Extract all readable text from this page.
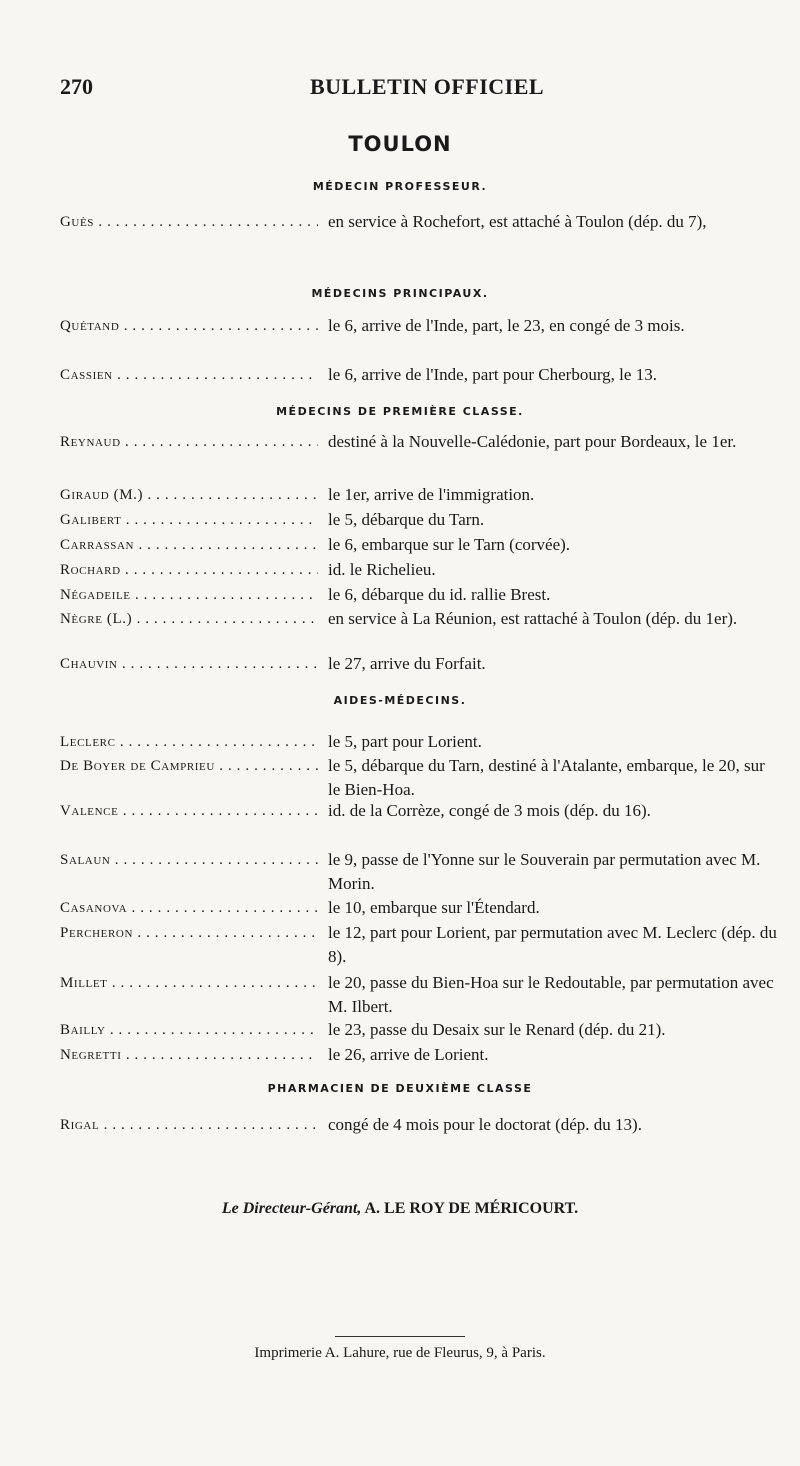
270	BULLETIN OFFICIEL
TOULON
MÉDECIN PROFESSEUR.
Guès . . .	en service à Rochefort, est attaché à Toulon (dép. du 7),
MÉDECINS PRINCIPAUX.
Quétand . . .	le 6, arrive de l'Inde, part, le 23, en congé de 3 mois.
Cassien . . .	le 6, arrive de l'Inde, part pour Cherbourg, le 13.
MÉDECINS DE PREMIÈRE CLASSE.
Reynaud . . .	destiné à la Nouvelle-Calédonie, part pour Bordeaux, le 1er.
Giraud (M.) . . .	le 1er, arrive de l'immigration.
Galibert . . .	le 5, débarque du Tarn.
Carrassan . . .	le 6, embarque sur le Tarn (corvée).
Rochard . . .	id. le Richelieu.
Négadeile . . .	le 6, débarque du id. rallie Brest.
Nègre (L.) . . .	en service à La Réunion, est rattaché à Toulon (dép. du 1er).
Chauvin . . .	le 27, arrive du Forfait.
AIDES-MÉDECINS.
Leclerc . . .	le 5, part pour Lorient.
De Boyer de Camprieu . . .	le 5, débarque du Tarn, destiné à l'Atalante, embarque, le 20, sur le Bien-Hoa.
Valence . . .	id. de la Corrèze, congé de 3 mois (dép. du 16).
Salaun . . .	le 9, passe de l'Yonne sur le Souverain par permutation avec M. Morin.
Casanova . . .	le 10, embarque sur l'Étendard.
Percheron . . .	le 12, part pour Lorient, par permutation avec M. Leclerc (dép. du 8).
Millet . . .	le 20, passe du Bien-Hoa sur le Redoutable, par permutation avec M. Ilbert.
Bailly . . .	le 23, passe du Desaix sur le Renard (dép. du 21).
Negretti . . .	le 26, arrive de Lorient.
PHARMACIEN DE DEUXIÈME CLASSE
Rigal . . .	congé de 4 mois pour le doctorat (dép. du 13).
Le Directeur-Gérant, A. LE ROY DE MÉRICOURT.
Imprimerie A. Lahure, rue de Fleurus, 9, à Paris.
